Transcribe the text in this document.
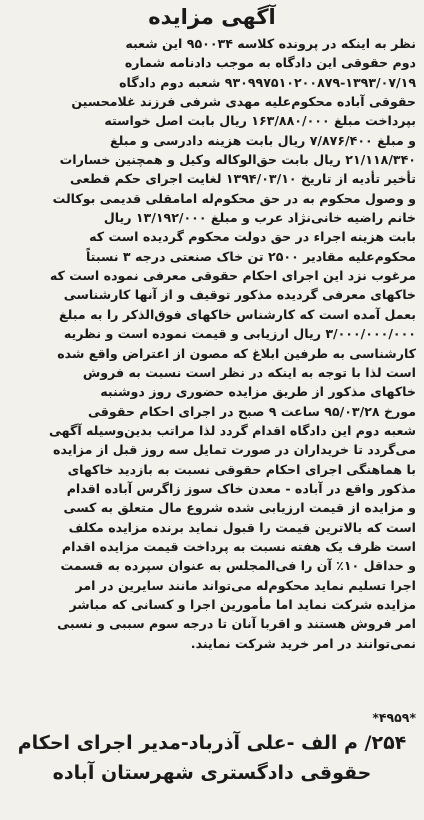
آگهی مزایده
نظر به اینکه در پرونده کلاسه ۹۵۰۰۳۴ این شعبه
دوم حقوقی این دادگاه به موجب دادنامه شماره
۹۳۰۹۹۷۵۱۰۲۰۰۸۷۹-۱۳۹۳/۰۷/۱۹ شعبه دوم دادگاه
حقوقی آباده محکوم‌علیه مهدی شرفی فرزند غلامحسین
بپرداخت مبلغ ۱۶۳/۸۸۰/۰۰۰ ریال بابت اصل خواسته
و مبلغ ۷/۸۷۶/۴۰۰ ریال بابت هزینه دادرسی و مبلغ
۲۱/۱۱۸/۳۴۰ ریال بابت حق‌الوکاله وکیل و همچنین خسارات
تأخیر تأدیه از تاریخ ۱۳۹۴/۰۳/۱۰ لغایت اجرای حکم قطعی
و وصول محکوم به در حق محکوم‌له امامقلی قدیمی بوکالت
خانم راضیه خانی‌نژاد عرب و مبلغ ۱۳/۱۹۲/۰۰۰ ریال
بابت هزینه اجراء در حق دولت محکوم گردیده است که
محکوم‌علیه مقادیر ۲۵۰۰ تن خاک صنعتی درجه ۳ نسبتاً
مرغوب نزد این اجرای احکام حقوقی معرفی نموده است که
خاکهای معرفی گردیده مذکور توقیف و از آنها کارشناسی
بعمل آمده است که کارشناس خاکهای فوق‌الذکر را به مبلغ
۳/۰۰۰/۰۰۰/۰۰۰ ریال ارزیابی و قیمت نموده است و نظریه
کارشناسی به طرفین ابلاغ که مصون از اعتراض واقع شده
است لذا با توجه به اینکه در نظر است نسبت به فروش
خاکهای مذکور از طریق مزایده حضوری روز دوشنبه
مورخ ۹۵/۰۳/۲۸ ساعت ۹ صبح در اجرای احکام حقوقی
شعبه دوم این دادگاه اقدام گردد لذا مراتب بدین‌وسیله آگهی
می‌گردد تا خریداران در صورت تمایل سه روز قبل از مزایده
با هماهنگی اجرای احکام حقوقی نسبت به بازدید خاکهای
مذکور واقع در آباده - معدن خاک سوز زاگرس آباده اقدام
و مزایده از قیمت ارزیابی شده شروع مال متعلق به کسی
است که بالاترین قیمت را قبول نماید برنده مزایده مکلف
است ظرف یک هفته نسبت به پرداخت قیمت مزایده اقدام
و حداقل ۱۰٪ آن را فی‌المجلس به عنوان سپرده به قسمت
اجرا تسلیم نماید محکوم‌له می‌تواند مانند سایرین در امر
مزایده شرکت نماید اما مأمورین اجرا و کسانی که مباشر
امر فروش هستند و اقربا آنان تا درجه سوم سببی و نسبی
نمی‌توانند در امر خرید شرکت نمایند.
*۴۹۵۹*
۲۵۴/ م الف -علی آذرباد-مدیر اجرای احکام
حقوقی دادگستری شهرستان آباده
